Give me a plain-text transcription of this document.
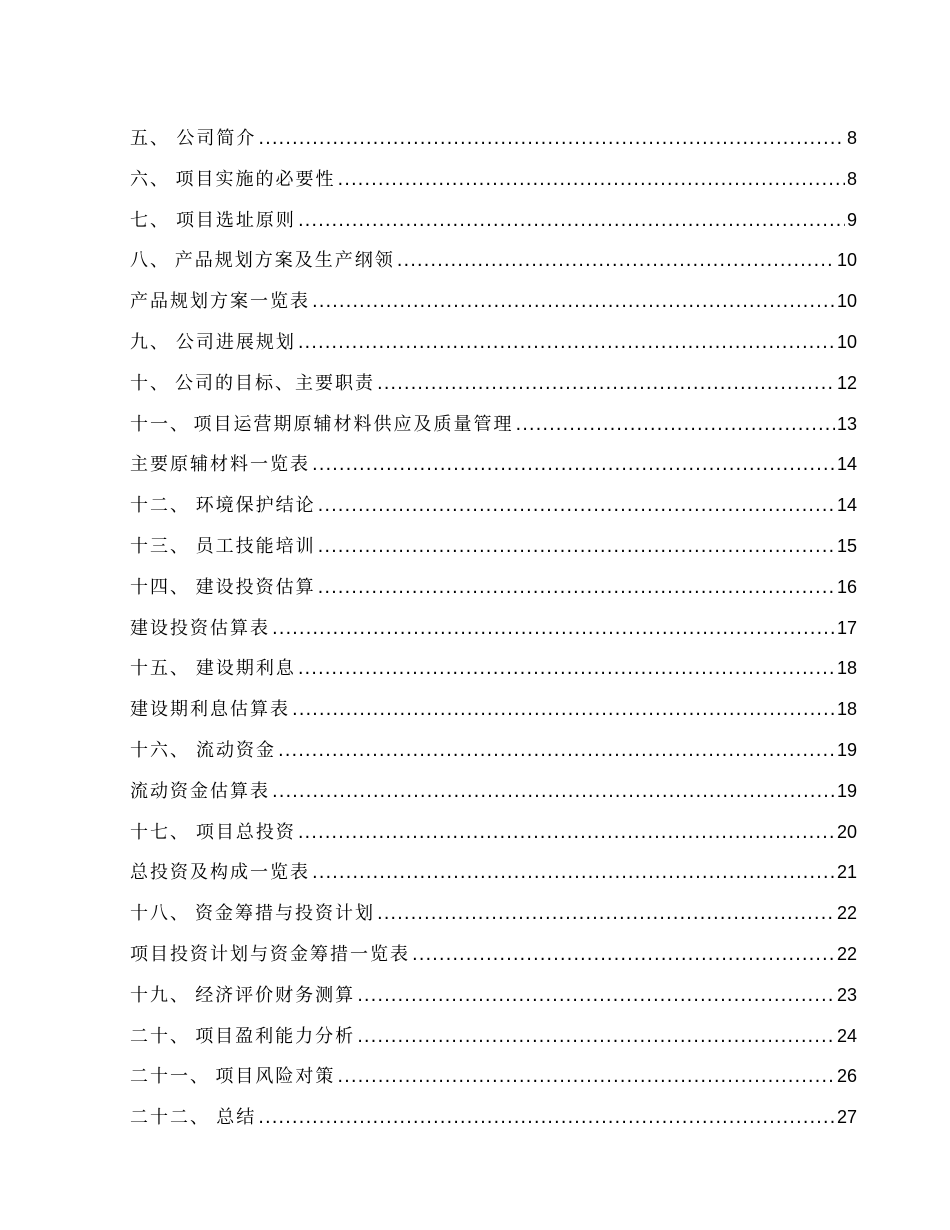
五、 公司简介 .....	8
六、 项目实施的必要性 .....	8
七、 项目选址原则 .....	9
八、 产品规划方案及生产纲领 .....	10
产品规划方案一览表 .....	10
九、 公司进展规划 .....	10
十、 公司的目标、主要职责 .....	12
十一、 项目运营期原辅材料供应及质量管理 .....	13
主要原辅材料一览表 .....	14
十二、 环境保护结论 .....	14
十三、 员工技能培训 .....	15
十四、 建设投资估算 .....	16
建设投资估算表 .....	17
十五、 建设期利息 .....	18
建设期利息估算表 .....	18
十六、 流动资金 .....	19
流动资金估算表 .....	19
十七、 项目总投资 .....	20
总投资及构成一览表 .....	21
十八、 资金筹措与投资计划 .....	22
项目投资计划与资金筹措一览表 .....	22
十九、 经济评价财务测算 .....	23
二十、 项目盈利能力分析 .....	24
二十一、 项目风险对策 .....	26
二十二、 总结 .....	27
